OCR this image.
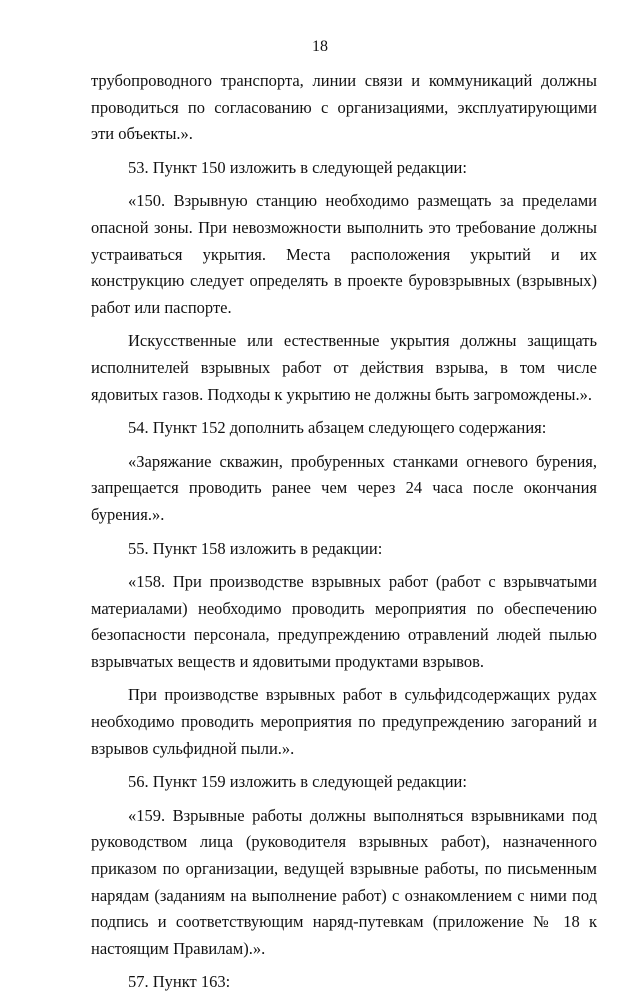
18

трубопроводного транспорта, линии связи и коммуникаций должны проводиться по согласованию с организациями, эксплуатирующими эти объекты.».

53. Пункт 150 изложить в следующей редакции:

«150. Взрывную станцию необходимо размещать за пределами опасной зоны. При невозможности выполнить это требование должны устраиваться укрытия. Места расположения укрытий и их конструкцию следует определять в проекте буровзрывных (взрывных) работ или паспорте.

Искусственные или естественные укрытия должны защищать исполнителей взрывных работ от действия взрыва, в том числе ядовитых газов. Подходы к укрытию не должны быть загромождены.».

54. Пункт 152 дополнить абзацем следующего содержания:

«Заряжание скважин, пробуренных станками огневого бурения, запрещается проводить ранее чем через 24 часа после окончания бурения.».

55. Пункт 158 изложить в редакции:

«158. При производстве взрывных работ (работ с взрывчатыми материалами) необходимо проводить мероприятия по обеспечению безопасности персонала, предупреждению отравлений людей пылью взрывчатых веществ и ядовитыми продуктами взрывов.

При производстве взрывных работ в сульфидсодержащих рудах необходимо проводить мероприятия по предупреждению загораний и взрывов сульфидной пыли.».

56. Пункт 159 изложить в следующей редакции:

«159. Взрывные работы должны выполняться взрывниками под руководством лица (руководителя взрывных работ), назначенного приказом по организации, ведущей взрывные работы, по письменным нарядам (заданиям на выполнение работ) с ознакомлением с ними под подпись и соответствующим наряд-путевкам (приложение № 18 к настоящим Правилам).».

57. Пункт 163:
